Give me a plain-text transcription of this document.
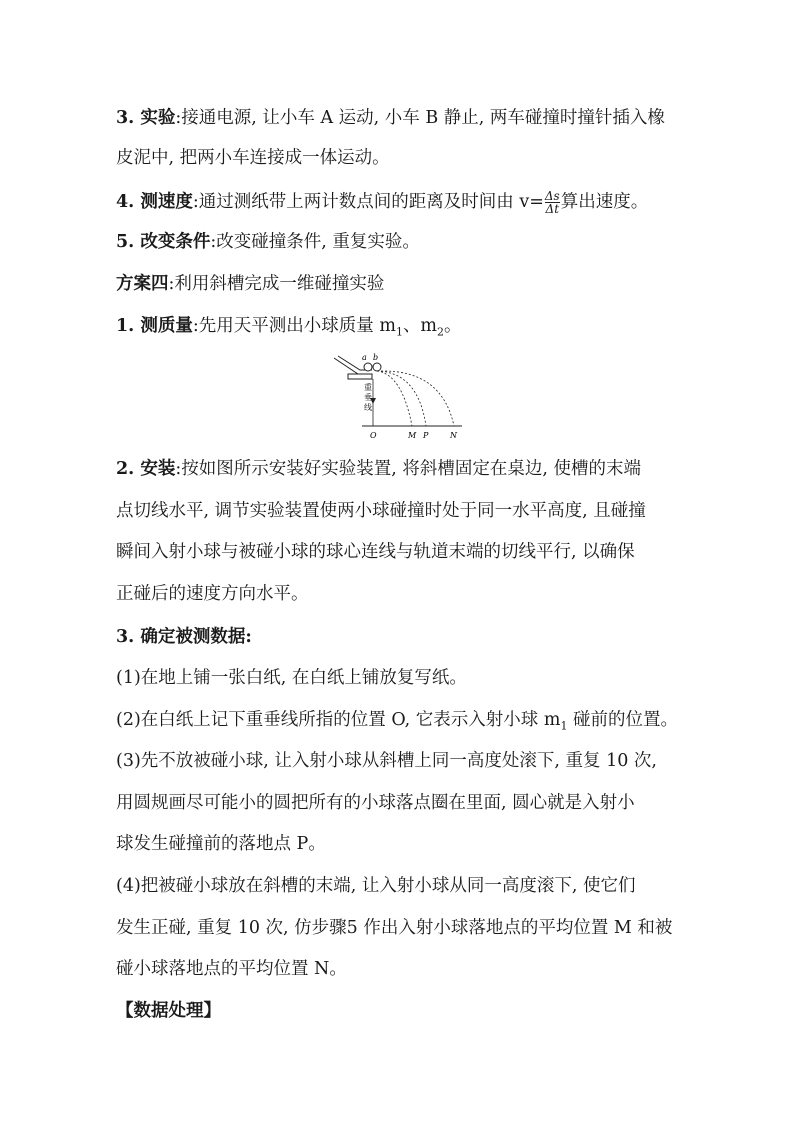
3. 实验:接通电源, 让小车 A 运动, 小车 B 静止, 两车碰撞时撞针插入橡
皮泥中, 把两小车连接成一体运动。
4. 测速度:通过测纸带上两计数点间的距离及时间由 $v= \frac{\Delta s}{\Delta t}$ 算出速度。
5. 改变条件:改变碰撞条件, 重复实验。
方案四:利用斜槽完成一维碰撞实验
1. 测质量:先用天平测出小球质量 $m_1$、$m_2$。
a b
重
垂
线
O	M P	N
2. 安装:按如图所示安装好实验装置, 将斜槽固定在桌边, 使槽的末端
点切线水平, 调节实验装置使两小球碰撞时处于同一水平高度, 且碰撞
瞬间入射小球与被碰小球的球心连线与轨道末端的切线平行, 以确保
正碰后的速度方向水平。
3. 确定被测数据:
(1)在地上铺一张白纸, 在白纸上铺放复写纸。
(2)在白纸上记下重垂线所指的位置 O, 它表示入射小球 $m_1$ 碰前的位置。
(3)先不放被碰小球, 让入射小球从斜槽上同一高度处滚下, 重复 10 次,
用圆规画尽可能小的圆把所有的小球落点圈在里面, 圆心就是入射小
球发生碰撞前的落地点 P。
(4)把被碰小球放在斜槽的末端, 让入射小球从同一高度滚下, 使它们
发生正碰, 重复 10 次, 仿步骤5 作出入射小球落地点的平均位置 M 和被
碰小球落地点的平均位置 N。
【数据处理】
